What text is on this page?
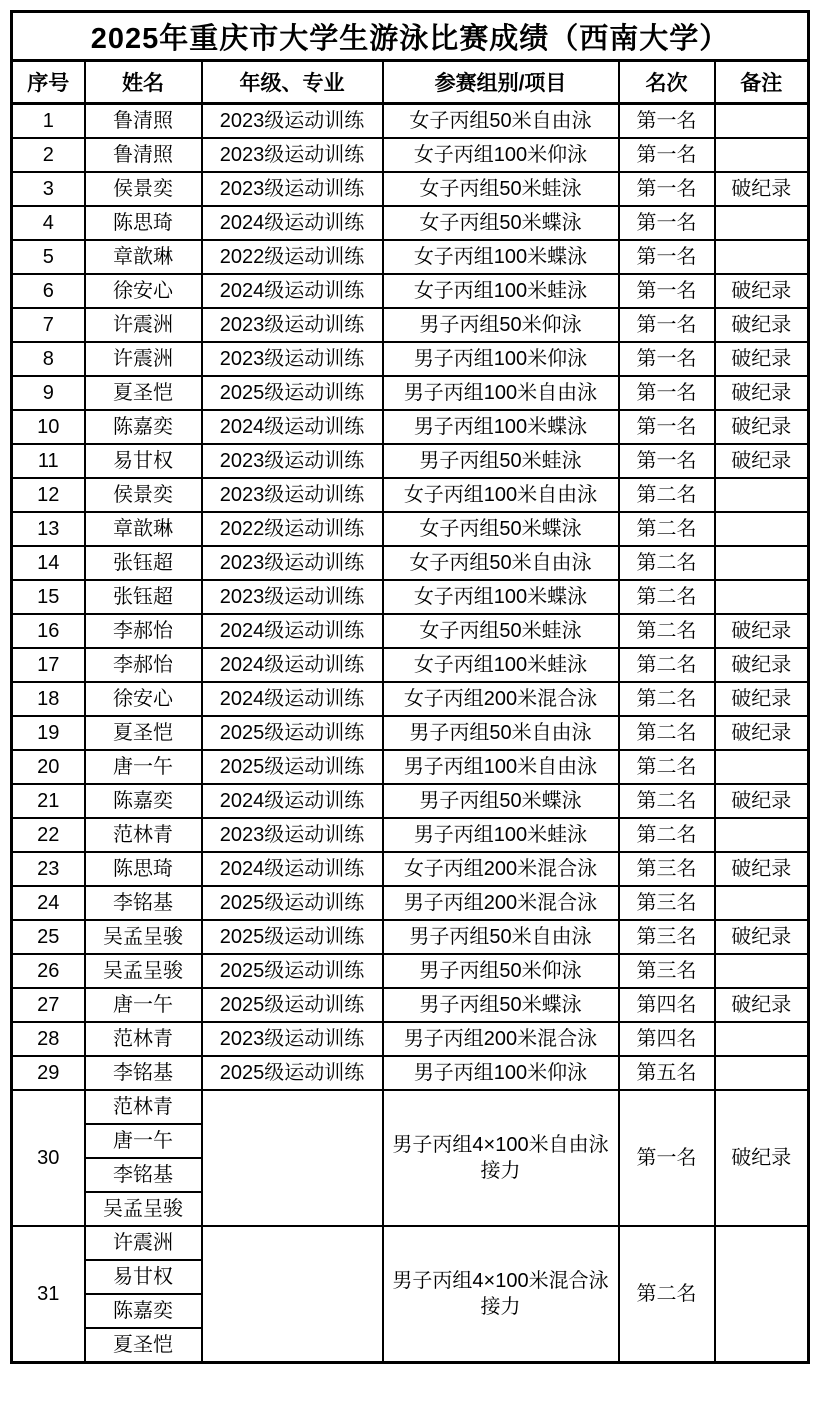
2025年重庆市大学生游泳比赛成绩（西南大学）					
序号	姓名	年级、专业	参赛组别/项目	名次	备注
1	鲁清照	2023级运动训练	女子丙组50米自由泳	第一名	
2	鲁清照	2023级运动训练	女子丙组100米仰泳	第一名	
3	侯景奕	2023级运动训练	女子丙组50米蛙泳	第一名	破纪录
4	陈思琦	2024级运动训练	女子丙组50米蝶泳	第一名	
5	章歆琳	2022级运动训练	女子丙组100米蝶泳	第一名	
6	徐安心	2024级运动训练	女子丙组100米蛙泳	第一名	破纪录
7	许震洲	2023级运动训练	男子丙组50米仰泳	第一名	破纪录
8	许震洲	2023级运动训练	男子丙组100米仰泳	第一名	破纪录
9	夏圣恺	2025级运动训练	男子丙组100米自由泳	第一名	破纪录
10	陈嘉奕	2024级运动训练	男子丙组100米蝶泳	第一名	破纪录
11	易甘权	2023级运动训练	男子丙组50米蛙泳	第一名	破纪录
12	侯景奕	2023级运动训练	女子丙组100米自由泳	第二名	
13	章歆琳	2022级运动训练	女子丙组50米蝶泳	第二名	
14	张钰超	2023级运动训练	女子丙组50米自由泳	第二名	
15	张钰超	2023级运动训练	女子丙组100米蝶泳	第二名	
16	李郝怡	2024级运动训练	女子丙组50米蛙泳	第二名	破纪录
17	李郝怡	2024级运动训练	女子丙组100米蛙泳	第二名	破纪录
18	徐安心	2024级运动训练	女子丙组200米混合泳	第二名	破纪录
19	夏圣恺	2025级运动训练	男子丙组50米自由泳	第二名	破纪录
20	唐一午	2025级运动训练	男子丙组100米自由泳	第二名	
21	陈嘉奕	2024级运动训练	男子丙组50米蝶泳	第二名	破纪录
22	范林青	2023级运动训练	男子丙组100米蛙泳	第二名	
23	陈思琦	2024级运动训练	女子丙组200米混合泳	第三名	破纪录
24	李铭基	2025级运动训练	男子丙组200米混合泳	第三名	
25	吴孟呈骏	2025级运动训练	男子丙组50米自由泳	第三名	破纪录
26	吴孟呈骏	2025级运动训练	男子丙组50米仰泳	第三名	
27	唐一午	2025级运动训练	男子丙组50米蝶泳	第四名	破纪录
28	范林青	2023级运动训练	男子丙组200米混合泳	第四名	
29	李铭基	2025级运动训练	男子丙组100米仰泳	第五名	
30	范林青		男子丙组4×100米自由泳接力	第一名	破纪录
	唐一午				
	李铭基				
	吴孟呈骏				
31	许震洲		男子丙组4×100米混合泳接力	第二名	
	易甘权				
	陈嘉奕				
	夏圣恺				
